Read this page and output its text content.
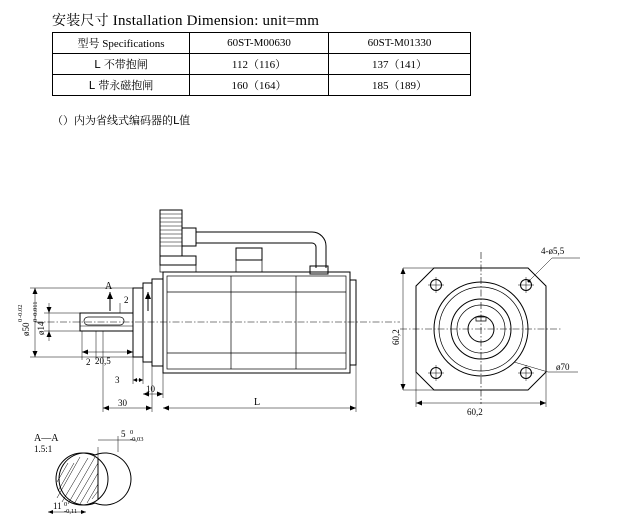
安装尺寸 Installation Dimension: unit=mm
型号 Specifications	60ST-M00630	60ST-M01330
L 不带抱闸	112（116）	137（141）
L 带永磁抱闸	160（164）	185（189）
（）内为省线式编码器的L值
A
ø50
0
-0.02
ø14
0
-0.011
2
2 20,5
3
10
30	L
4-ø5,5
ø70
60,2
60,2
A—A
1.5:1
5 0
-0,03
11 0
-0,11
